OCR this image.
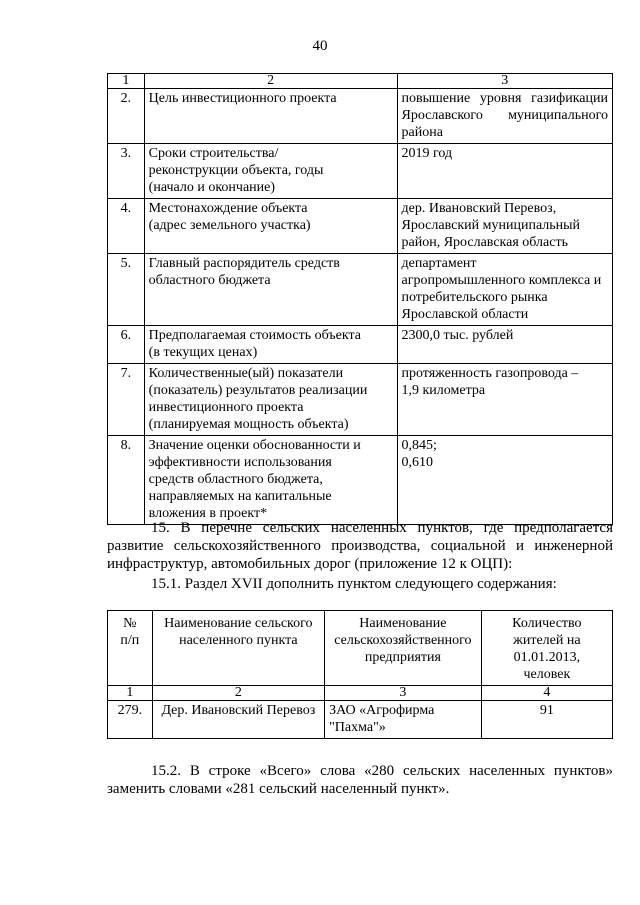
40
1	2	3
2.	Цель инвестиционного проекта	повышение уровня газификации
Ярославского муниципального
района

3.	Сроки строительства/
реконструкции объекта, годы
(начало и окончание)	2019 год

4.	Местонахождение объекта
(адрес земельного участка)	дер. Ивановский Перевоз,
Ярославский муниципальный
район, Ярославская область

5.	Главный распорядитель средств
областного бюджета	департамент
агропромышленного комплекса и
потребительского рынка
Ярославской области

6.	Предполагаемая стоимость объекта
(в текущих ценах)	2300,0 тыс. рублей

7.	Количественные(ый) показатели
(показатель) результатов реализации
инвестиционного проекта
(планируемая мощность объекта)	протяженность газопровода –
1,9 километра

8.	Значение оценки обоснованности и
эффективности использования
средств областного бюджета,
направляемых на капитальные
вложения в проект*	0,845;
0,610
15. В перечне сельских населенных пунктов, где предполагается
развитие сельскохозяйственного производства, социальной и инженерной
инфраструктур, автомобильных дорог (приложение 12 к ОЦП):
15.1. Раздел XVII дополнить пунктом следующего содержания:
№
п/п	Наименование сельского
населенного пункта	Наименование
сельскохозяйственного
предприятия	Количество
жителей на
01.01.2013,
человек

1	2	3	4
279.	Дер. Ивановский Перевоз	ЗАО «Агрофирма
"Пахма"»	91
15.2. В строке «Всего» слова «280 сельских населенных пунктов»
заменить словами «281 сельский населенный пункт».
